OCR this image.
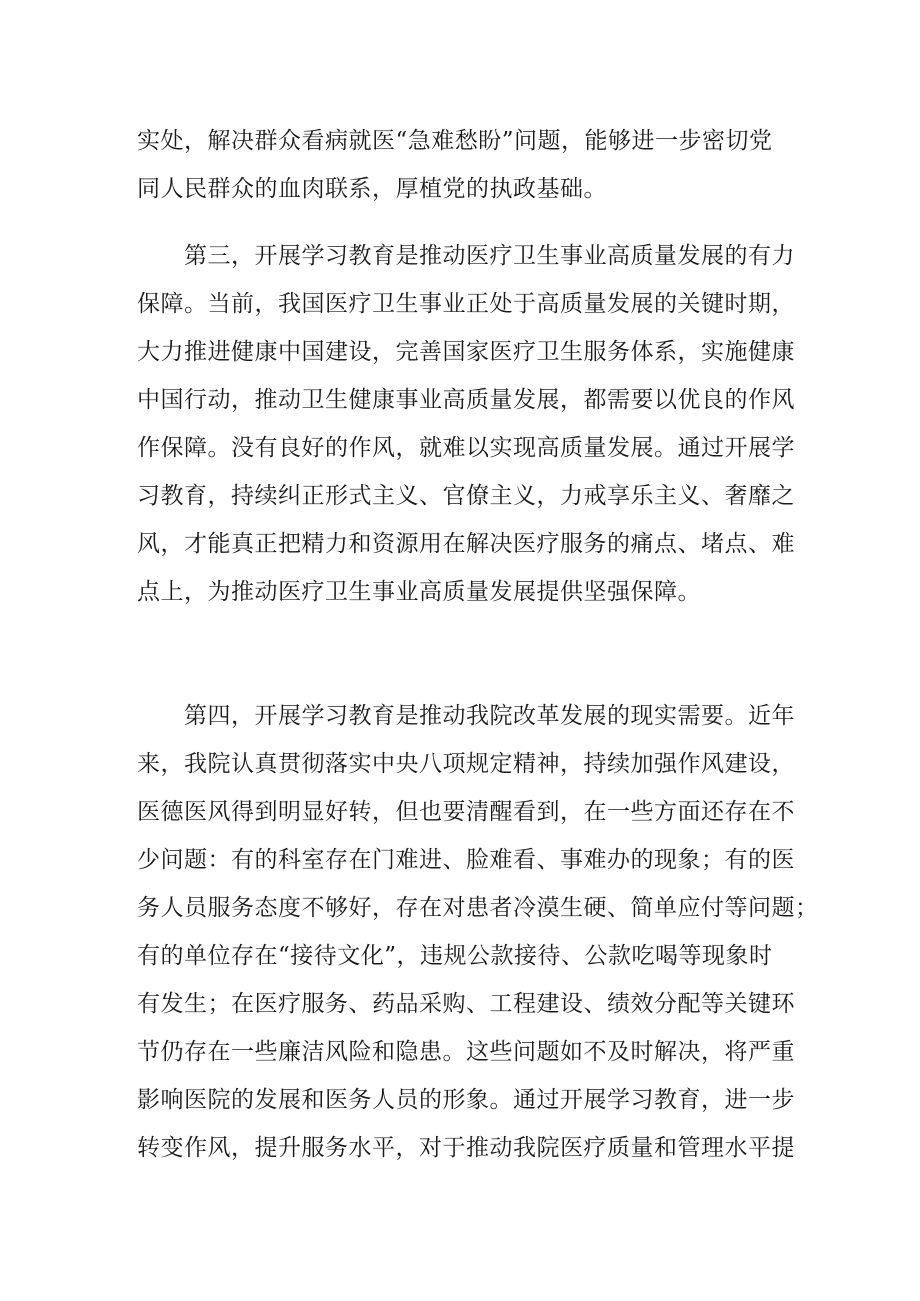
实处，解决群众看病就医“急难愁盼”问题，能够进一步密切党
同人民群众的血肉联系，厚植党的执政基础。
　　第三，开展学习教育是推动医疗卫生事业高质量发展的有力
保障。当前，我国医疗卫生事业正处于高质量发展的关键时期，
大力推进健康中国建设，完善国家医疗卫生服务体系，实施健康
中国行动，推动卫生健康事业高质量发展，都需要以优良的作风
作保障。没有良好的作风，就难以实现高质量发展。通过开展学
习教育，持续纠正形式主义、官僚主义，力戒享乐主义、奢靡之
风，才能真正把精力和资源用在解决医疗服务的痛点、堵点、难
点上，为推动医疗卫生事业高质量发展提供坚强保障。
　　第四，开展学习教育是推动我院改革发展的现实需要。近年
来，我院认真贯彻落实中央八项规定精神，持续加强作风建设，
医德医风得到明显好转，但也要清醒看到，在一些方面还存在不
少问题：有的科室存在门难进、脸难看、事难办的现象；有的医
务人员服务态度不够好，存在对患者冷漠生硬、简单应付等问题；
有的单位存在“接待文化”，违规公款接待、公款吃喝等现象时
有发生；在医疗服务、药品采购、工程建设、绩效分配等关键环
节仍存在一些廉洁风险和隐患。这些问题如不及时解决，将严重
影响医院的发展和医务人员的形象。通过开展学习教育，进一步
转变作风，提升服务水平，对于推动我院医疗质量和管理水平提
